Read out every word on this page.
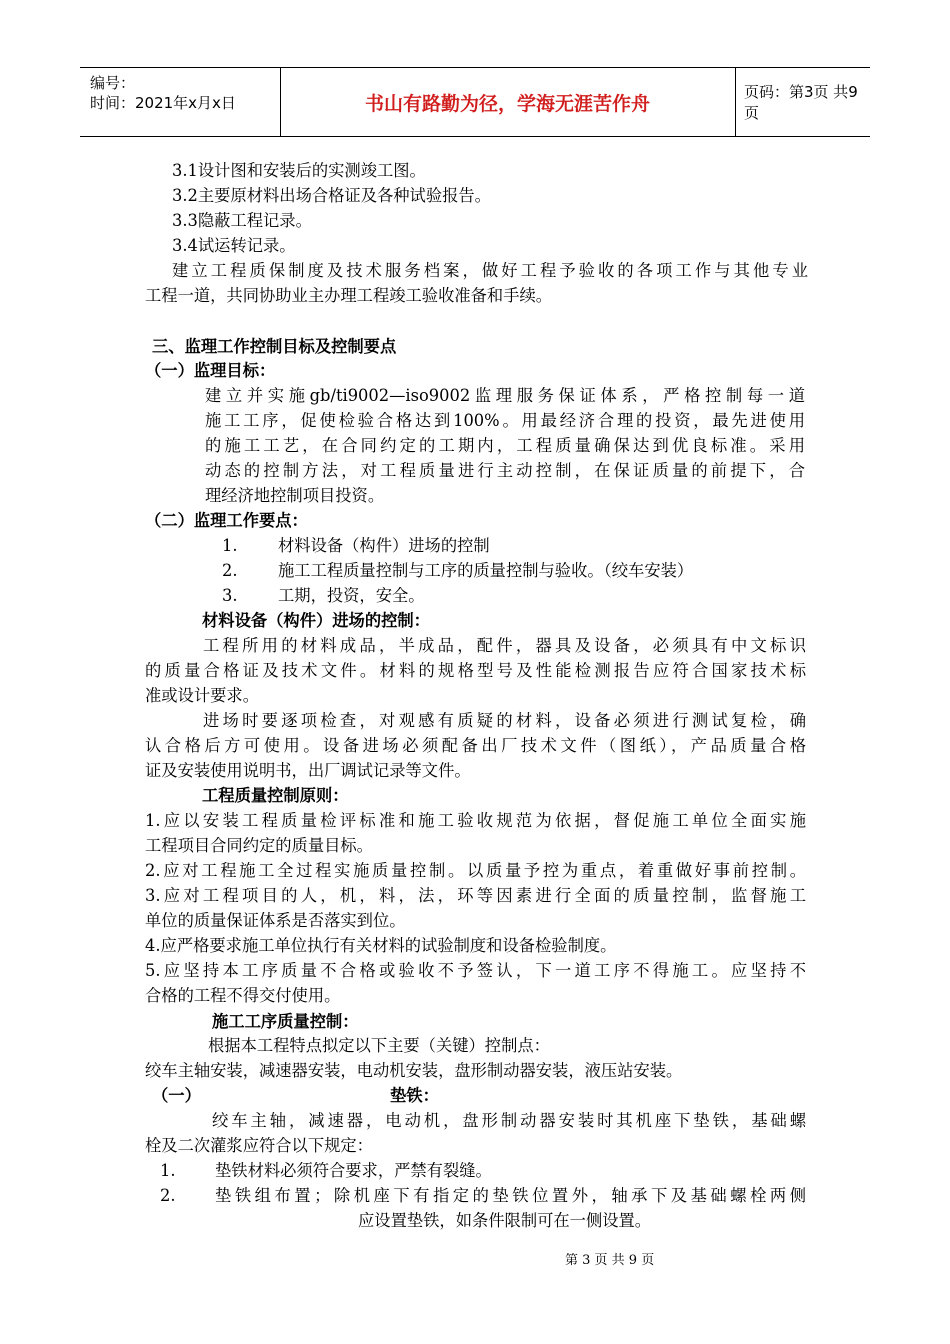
编号：
时间：2021年x月x日	书山有路勤为径，学海无涯苦作舟
页码：第3页 共9页
3.1设计图和安装后的实测竣工图。
3.2主要原材料出场合格证及各种试验报告。
3.3隐蔽工程记录。
3.4试运转记录。
建立工程质保制度及技术服务档案，做好工程予验收的各项工作与其他专业
工程一道，共同协助业主办理工程竣工验收准备和手续。
三、监理工作控制目标及控制要点
（一）监理目标：
建立并实施gb/ti9002—iso9002监理服务保证体系，严格控制每一道
施工工序，促使检验合格达到100%。用最经济合理的投资，最先进使用
的施工工艺，在合同约定的工期内，工程质量确保达到优良标准。采用
动态的控制方法，对工程质量进行主动控制，在保证质量的前提下，合
理经济地控制项目投资。
（二）监理工作要点：
1. 材料设备（构件）进场的控制
2. 施工工程质量控制与工序的质量控制与验收。（绞车安装）
3. 工期，投资，安全。
材料设备（构件）进场的控制：
工程所用的材料成品，半成品，配件，器具及设备，必须具有中文标识
的质量合格证及技术文件。材料的规格型号及性能检测报告应符合国家技术标
准或设计要求。
进场时要逐项检查，对观感有质疑的材料，设备必须进行测试复检，确
认合格后方可使用。设备进场必须配备出厂技术文件（图纸），产品质量合格
证及安装使用说明书，出厂调试记录等文件。
工程质量控制原则：
1.应以安装工程质量检评标准和施工验收规范为依据，督促施工单位全面实施
工程项目合同约定的质量目标。
2.应对工程施工全过程实施质量控制。以质量予控为重点，着重做好事前控制。
3.应对工程项目的人，机，料，法，环等因素进行全面的质量控制，监督施工
单位的质量保证体系是否落实到位。
4.应严格要求施工单位执行有关材料的试验制度和设备检验制度。
5.应坚持本工序质量不合格或验收不予签认，下一道工序不得施工。应坚持不
合格的工程不得交付使用。
施工工序质量控制：
根据本工程特点拟定以下主要（关键）控制点：
绞车主轴安装，减速器安装，电动机安装，盘形制动器安装，液压站安装。
（一）	垫铁：
绞车主轴，减速器，电动机，盘形制动器安装时其机座下垫铁，基础螺
栓及二次灌浆应符合以下规定：
1. 垫铁材料必须符合要求，严禁有裂缝。
2. 垫铁组布置；除机座下有指定的垫铁位置外，轴承下及基础螺栓两侧
应设置垫铁，如条件限制可在一侧设置。
第 3 页 共 9 页
